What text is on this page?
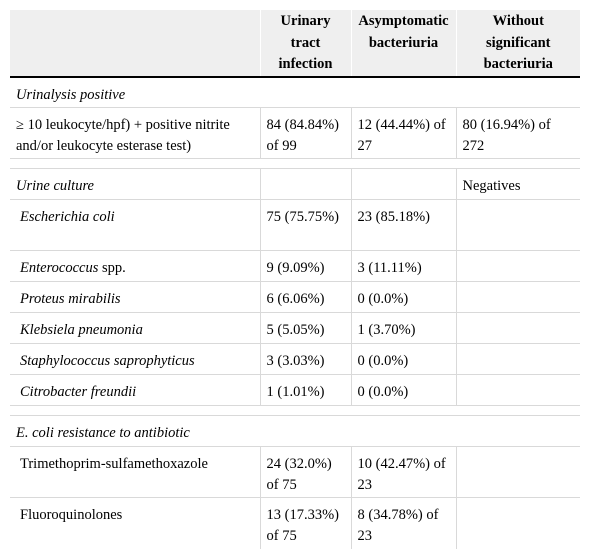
	Urinary tract infection	Asymptomatic bacteriuria	Without significant bacteriuria
Urinalysis positive			
≥ 10 leukocyte/hpf) + positive nitrite and/or leukocyte esterase test)	84 (84.84%) of 99	12 (44.44%) of 27	80 (16.94%) of 272

Urine culture			Negatives
Escherichia coli	75 (75.75%)	23 (85.18%)	
Enterococcus spp.	9 (9.09%)	3 (11.11%)	
Proteus mirabilis	6 (6.06%)	0 (0.0%)	
Klebsiela pneumonia	5 (5.05%)	1 (3.70%)	
Staphylococcus saprophyticus	3 (3.03%)	0 (0.0%)	
Citrobacter freundii	1 (1.01%)	0 (0.0%)	

E. coli resistance to antibiotic			
Trimethoprim-sulfamethoxazole	24 (32.0%) of 75	10 (42.47%) of 23	
Fluoroquinolones	13 (17.33%) of 75	8 (34.78%) of 23	
